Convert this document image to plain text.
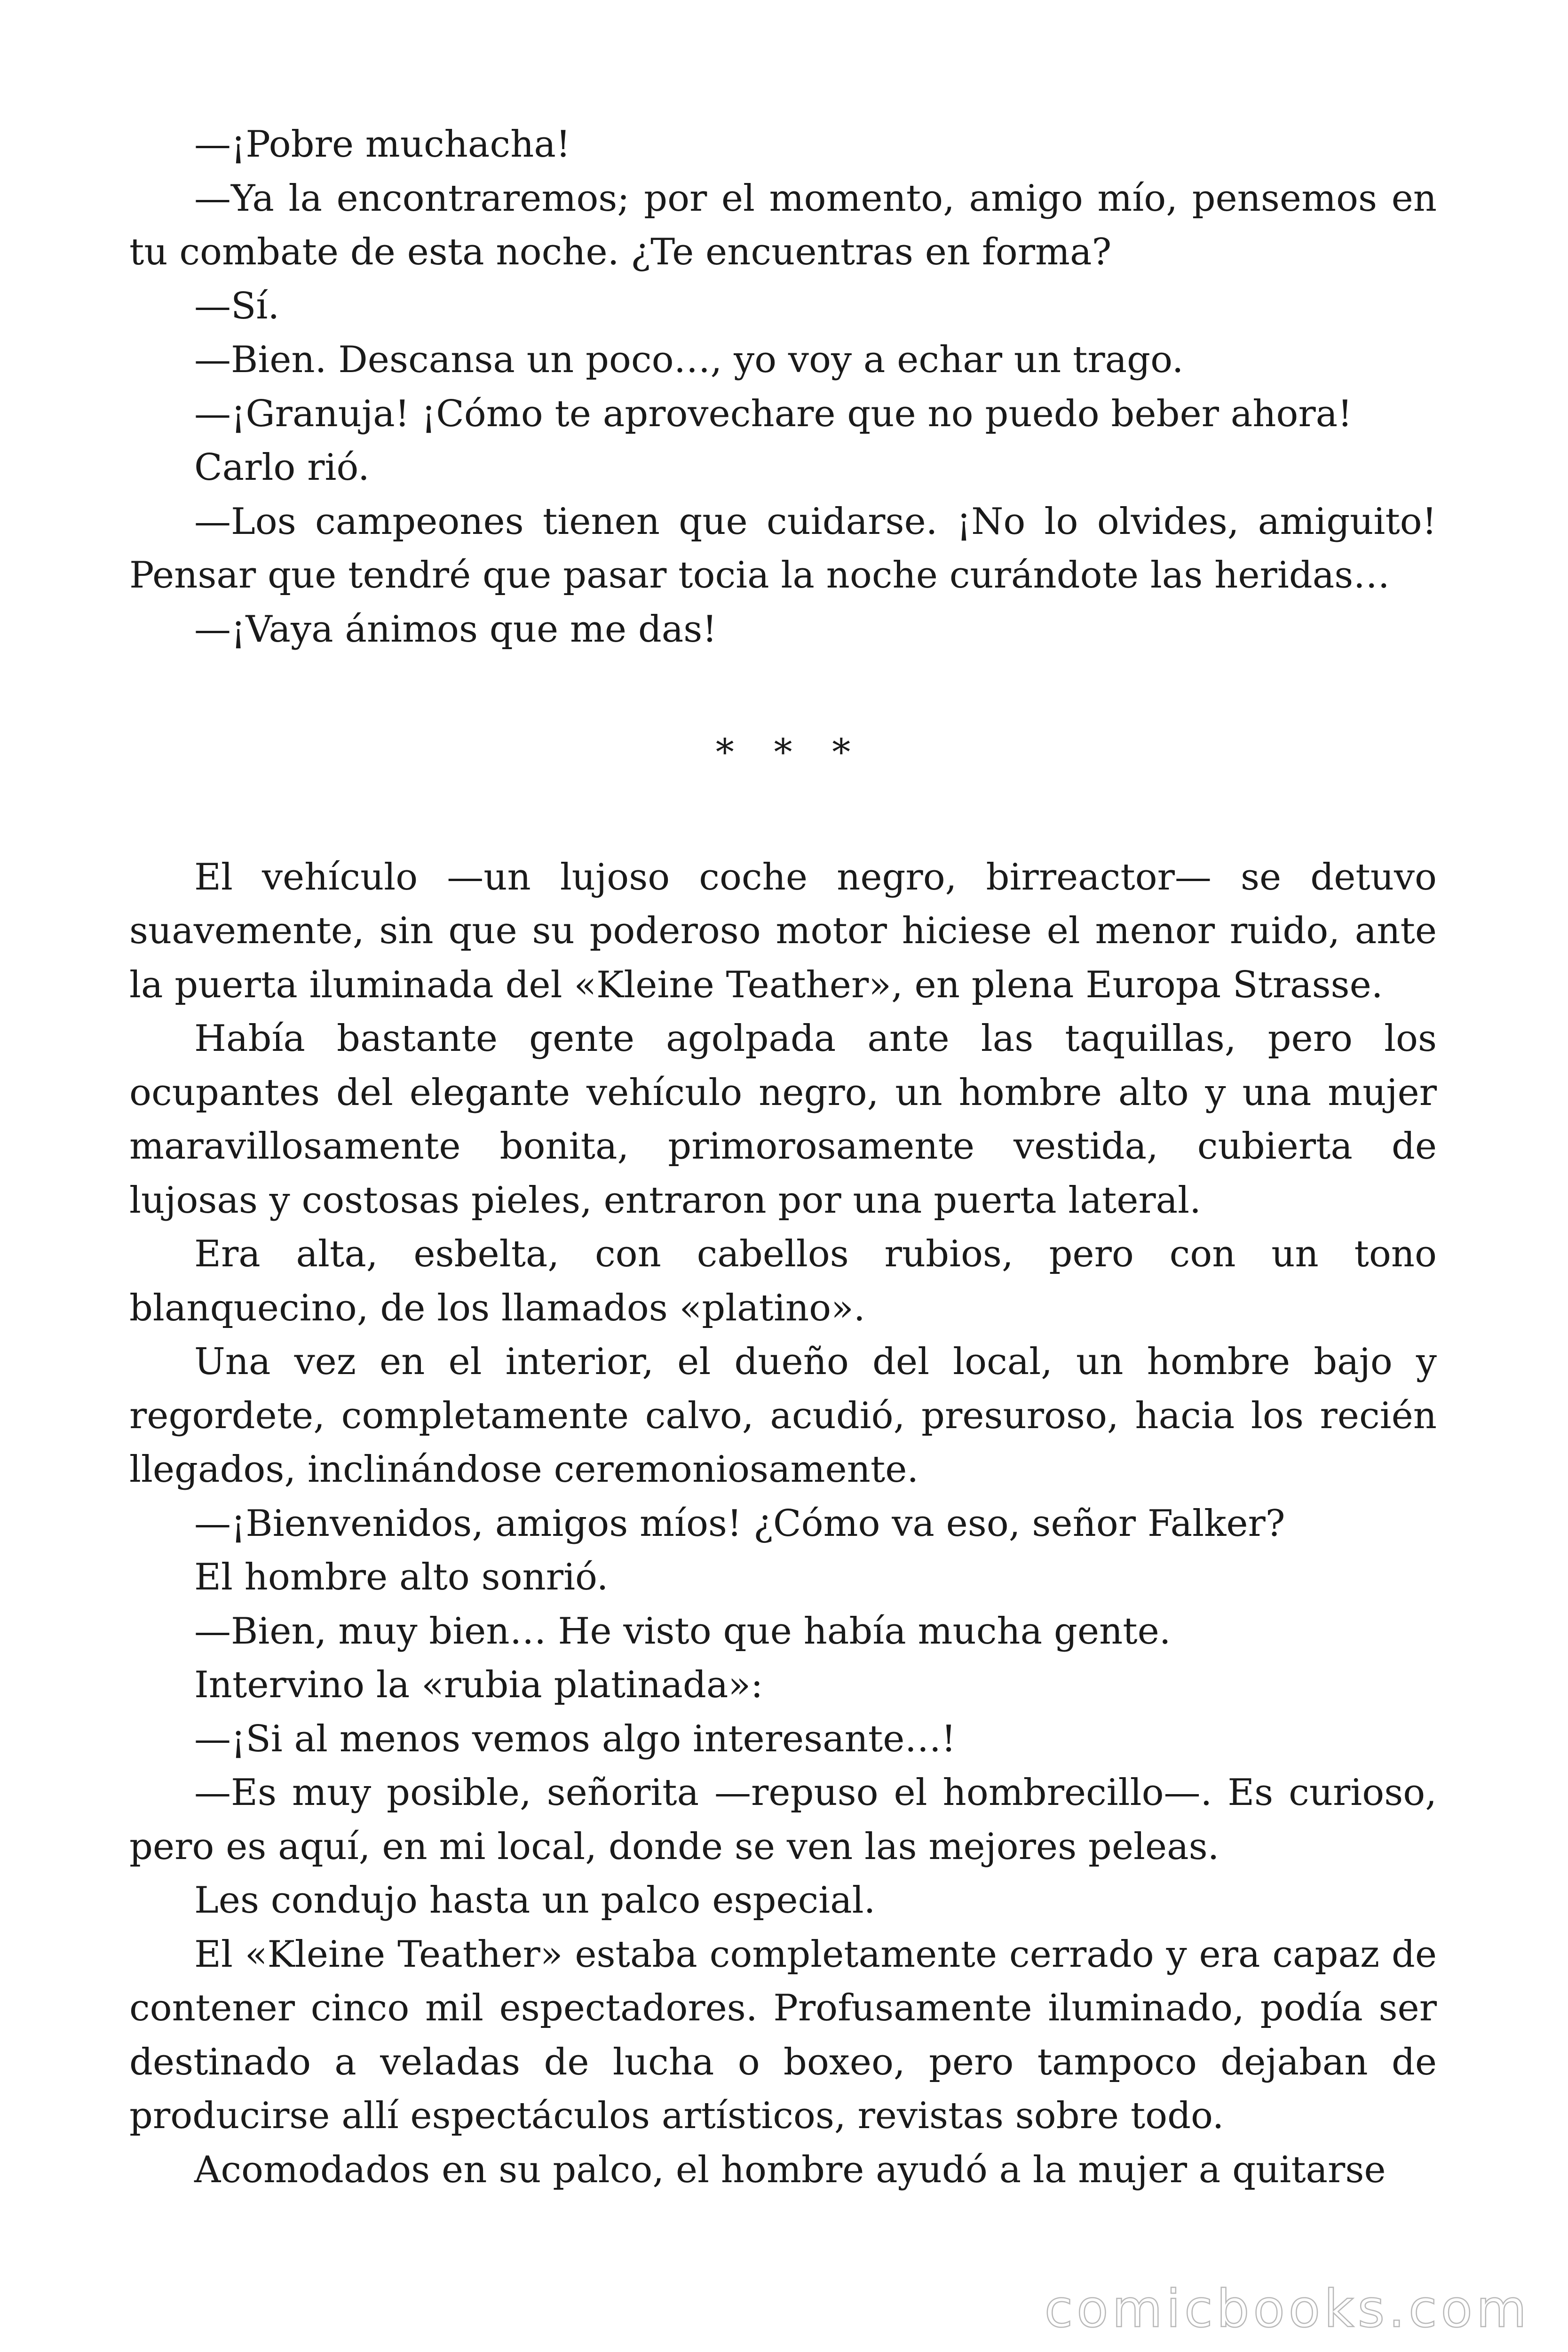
—¡Pobre muchacha!

—Ya la encontraremos; por el momento, amigo mío, pensemos en tu combate de esta noche. ¿Te encuentras en forma?

—Sí.

—Bien. Descansa un poco…, yo voy a echar un trago.

—¡Granuja! ¡Cómo te aprovechare que no puedo beber ahora!

Carlo rió.

—Los campeones tienen que cuidarse. ¡No lo olvides, amiguito! Pensar que tendré que pasar tocia la noche curándote las heridas…

—¡Vaya ánimos que me das!

* * *

El vehículo —un lujoso coche negro, birreactor— se detuvo suavemente, sin que su poderoso motor hiciese el menor ruido, ante la puerta iluminada del «Kleine Teather», en plena Europa Strasse.

Había bastante gente agolpada ante las taquillas, pero los ocupantes del elegante vehículo negro, un hombre alto y una mujer maravillosamente bonita, primorosamente vestida, cubierta de lujosas y costosas pieles, entraron por una puerta lateral.

Era alta, esbelta, con cabellos rubios, pero con un tono blanquecino, de los llamados «platino».

Una vez en el interior, el dueño del local, un hombre bajo y regordete, completamente calvo, acudió, presuroso, hacia los recién llegados, inclinándose ceremoniosamente.

—¡Bienvenidos, amigos míos! ¿Cómo va eso, señor Falker?

El hombre alto sonrió.

—Bien, muy bien… He visto que había mucha gente.

Intervino la «rubia platinada»:

—¡Si al menos vemos algo interesante…!

—Es muy posible, señorita —repuso el hombrecillo—. Es curioso, pero es aquí, en mi local, donde se ven las mejores peleas.

Les condujo hasta un palco especial.

El «Kleine Teather» estaba completamente cerrado y era capaz de contener cinco mil espectadores. Profusamente iluminado, podía ser destinado a veladas de lucha o boxeo, pero tampoco dejaban de producirse allí espectáculos artísticos, revistas sobre todo.

Acomodados en su palco, el hombre ayudó a la mujer a quitarse

comicbooks.com
